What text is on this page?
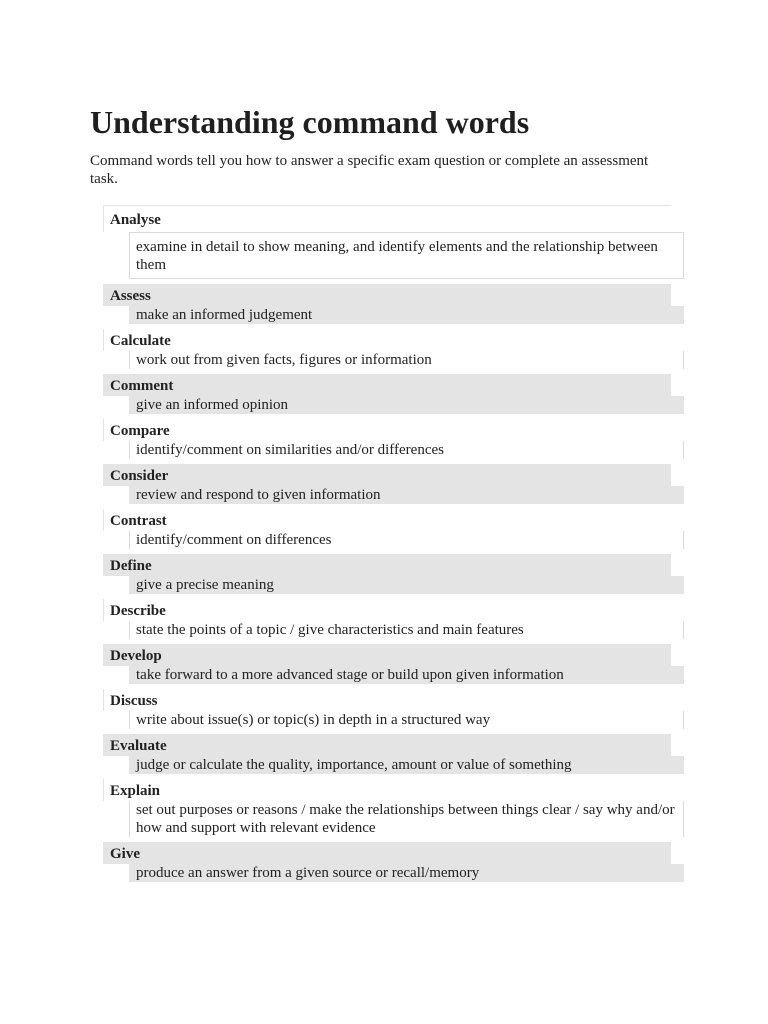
Understanding command words

Command words tell you how to answer a specific exam question or complete an assessment task.

Analyse
examine in detail to show meaning, and identify elements and the relationship between them
Assess
make an informed judgement
Calculate
work out from given facts, figures or information
Comment
give an informed opinion
Compare
identify/comment on similarities and/or differences
Consider
review and respond to given information
Contrast
identify/comment on differences
Define
give a precise meaning
Describe
state the points of a topic / give characteristics and main features
Develop
take forward to a more advanced stage or build upon given information
Discuss
write about issue(s) or topic(s) in depth in a structured way
Evaluate
judge or calculate the quality, importance, amount or value of something
Explain
set out purposes or reasons / make the relationships between things clear / say why and/or how and support with relevant evidence
Give
produce an answer from a given source or recall/memory
